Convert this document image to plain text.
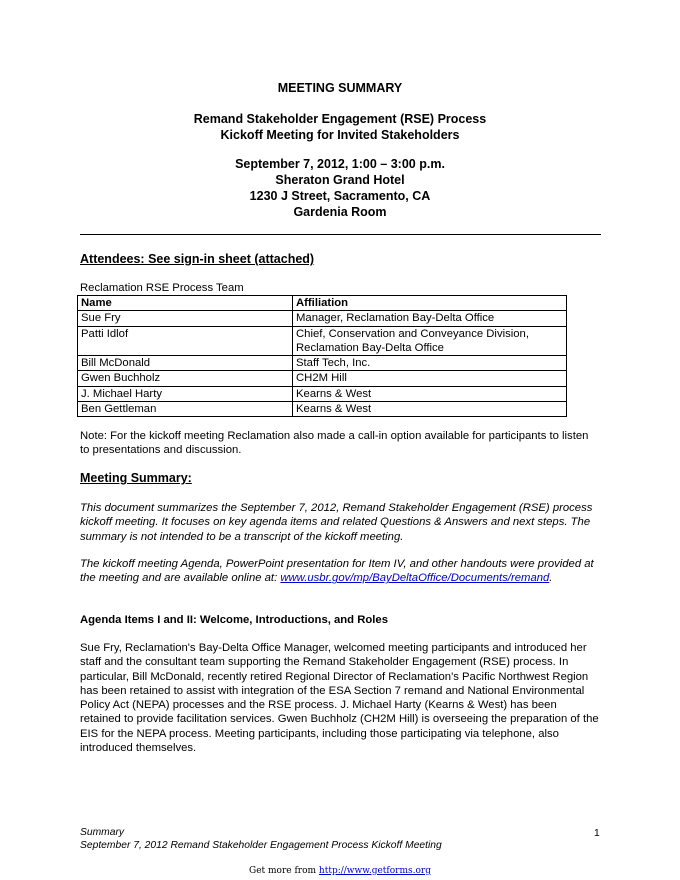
MEETING SUMMARY
Remand Stakeholder Engagement (RSE) Process
Kickoff Meeting for Invited Stakeholders
September 7, 2012, 1:00 – 3:00 p.m.
Sheraton Grand Hotel
1230 J Street, Sacramento, CA
Gardenia Room
Attendees: See sign-in sheet (attached)
Reclamation RSE Process Team
Name	Affiliation
Sue Fry	Manager, Reclamation Bay-Delta Office
Patti Idlof	Chief, Conservation and Conveyance Division, Reclamation Bay-Delta Office
Bill McDonald	Staff Tech, Inc.
Gwen Buchholz	CH2M Hill
J. Michael Harty	Kearns & West
Ben Gettleman	Kearns & West
Note: For the kickoff meeting Reclamation also made a call-in option available for participants to listen to presentations and discussion.
Meeting Summary:
This document summarizes the September 7, 2012, Remand Stakeholder Engagement (RSE) process kickoff meeting. It focuses on key agenda items and related Questions & Answers and next steps. The summary is not intended to be a transcript of the kickoff meeting.
The kickoff meeting Agenda, PowerPoint presentation for Item IV, and other handouts were provided at the meeting and are available online at: www.usbr.gov/mp/BayDeltaOffice/Documents/remand.
Agenda Items I and II: Welcome, Introductions, and Roles
Sue Fry, Reclamation's Bay-Delta Office Manager, welcomed meeting participants and introduced her staff and the consultant team supporting the Remand Stakeholder Engagement (RSE) process. In particular, Bill McDonald, recently retired Regional Director of Reclamation's Pacific Northwest Region has been retained to assist with integration of the ESA Section 7 remand and National Environmental Policy Act (NEPA) processes and the RSE process. J. Michael Harty (Kearns & West) has been retained to provide facilitation services. Gwen Buchholz (CH2M Hill) is overseeing the preparation of the EIS for the NEPA process. Meeting participants, including those participating via telephone, also introduced themselves.
Summary
September 7, 2012 Remand Stakeholder Engagement Process Kickoff Meeting
1
Get more from http://www.getforms.org
